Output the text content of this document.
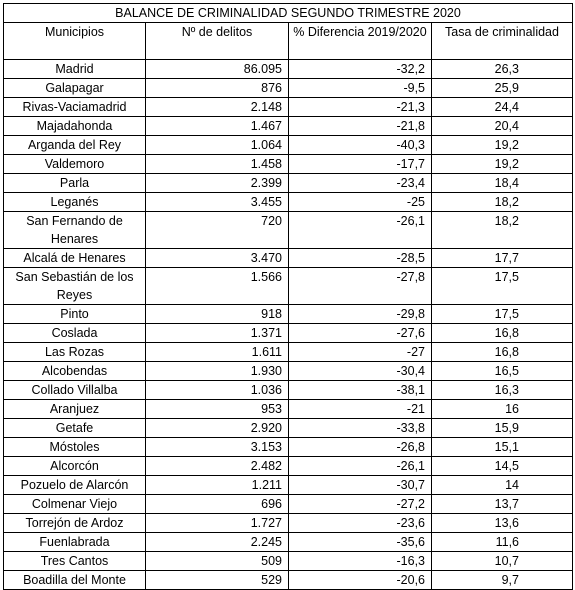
BALANCE DE CRIMINALIDAD SEGUNDO TRIMESTRE 2020			
Municipios	Nº de delitos	% Diferencia 2019/2020	Tasa de criminalidad
Madrid	86.095	-32,2	26,3
Galapagar	876	-9,5	25,9
Rivas-Vaciamadrid	2.148	-21,3	24,4
Majadahonda	1.467	-21,8	20,4
Arganda del Rey	1.064	-40,3	19,2
Valdemoro	1.458	-17,7	19,2
Parla	2.399	-23,4	18,4
Leganés	3.455	-25	18,2
San Fernando de Henares	720	-26,1	18,2
Alcalá de Henares	3.470	-28,5	17,7
San Sebastián de los Reyes	1.566	-27,8	17,5
Pinto	918	-29,8	17,5
Coslada	1.371	-27,6	16,8
Las Rozas	1.611	-27	16,8
Alcobendas	1.930	-30,4	16,5
Collado Villalba	1.036	-38,1	16,3
Aranjuez	953	-21	16
Getafe	2.920	-33,8	15,9
Móstoles	3.153	-26,8	15,1
Alcorcón	2.482	-26,1	14,5
Pozuelo de Alarcón	1.211	-30,7	14
Colmenar Viejo	696	-27,2	13,7
Torrejón de Ardoz	1.727	-23,6	13,6
Fuenlabrada	2.245	-35,6	11,6
Tres Cantos	509	-16,3	10,7
Boadilla del Monte	529	-20,6	9,7
